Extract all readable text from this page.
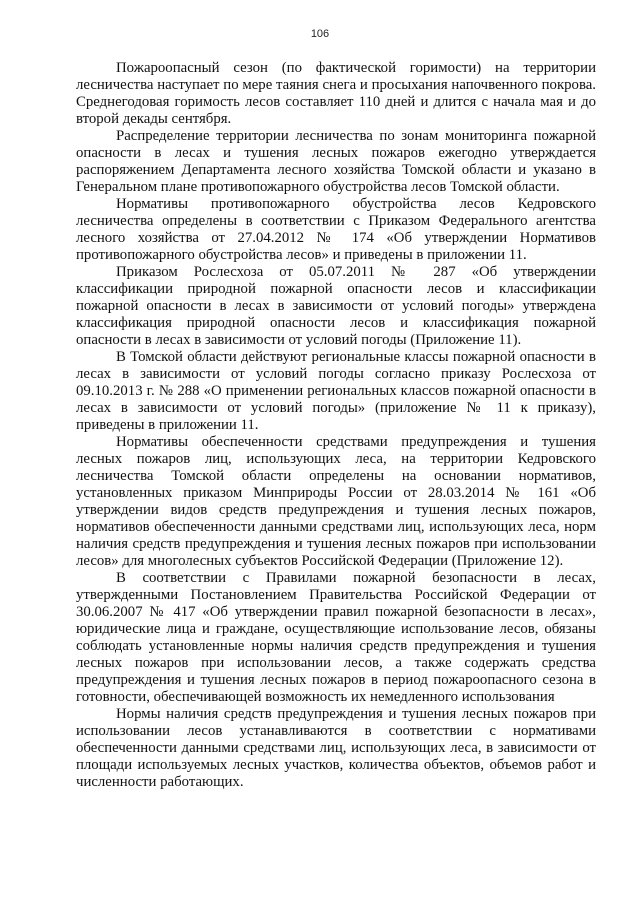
106

Пожароопасный сезон (по фактической горимости) на территории лесничества наступает по мере таяния снега и просыхания напочвенного покрова. Среднегодовая горимость лесов составляет 110 дней и длится с начала мая и до второй декады сентября.

Распределение территории лесничества по зонам мониторинга пожарной опасности в лесах и тушения лесных пожаров ежегодно утверждается распоряжением Департамента лесного хозяйства Томской области и указано в Генеральном плане противопожарного обустройства лесов Томской области.

Нормативы противопожарного обустройства лесов Кедровского лесничества определены в соответствии с Приказом Федерального агентства лесного хозяйства от 27.04.2012 № 174 «Об утверждении Нормативов противопожарного обустройства лесов» и приведены в приложении 11.

Приказом Рослесхоза от 05.07.2011 № 287 «Об утверждении классификации природной пожарной опасности лесов и классификации пожарной опасности в лесах в зависимости от условий погоды» утверждена классификация природной опасности лесов и классификация пожарной опасности в лесах в зависимости от условий погоды (Приложение 11).

В Томской области действуют региональные классы пожарной опасности в лесах в зависимости от условий погоды согласно приказу Рослесхоза от 09.10.2013 г. № 288 «О применении региональных классов пожарной опасности в лесах в зависимости от условий погоды» (приложение № 11 к приказу), приведены в приложении 11.

Нормативы обеспеченности средствами предупреждения и тушения лесных пожаров лиц, использующих леса, на территории Кедровского лесничества Томской области определены на основании нормативов, установленных приказом Минприроды России от 28.03.2014 № 161 «Об утверждении видов средств предупреждения и тушения лесных пожаров, нормативов обеспеченности данными средствами лиц, использующих леса, норм наличия средств предупреждения и тушения лесных пожаров при использовании лесов» для многолесных субъектов Российской Федерации (Приложение 12).

В соответствии с Правилами пожарной безопасности в лесах, утвержденными Постановлением Правительства Российской Федерации от 30.06.2007 № 417 «Об утверждении правил пожарной безопасности в лесах», юридические лица и граждане, осуществляющие использование лесов, обязаны соблюдать установленные нормы наличия средств предупреждения и тушения лесных пожаров при использовании лесов, а также содержать средства предупреждения и тушения лесных пожаров в период пожароопасного сезона в готовности, обеспечивающей возможность их немедленного использования

Нормы наличия средств предупреждения и тушения лесных пожаров при использовании лесов устанавливаются в соответствии с нормативами обеспеченности данными средствами лиц, использующих леса, в зависимости от площади используемых лесных участков, количества объектов, объемов работ и численности работающих.
